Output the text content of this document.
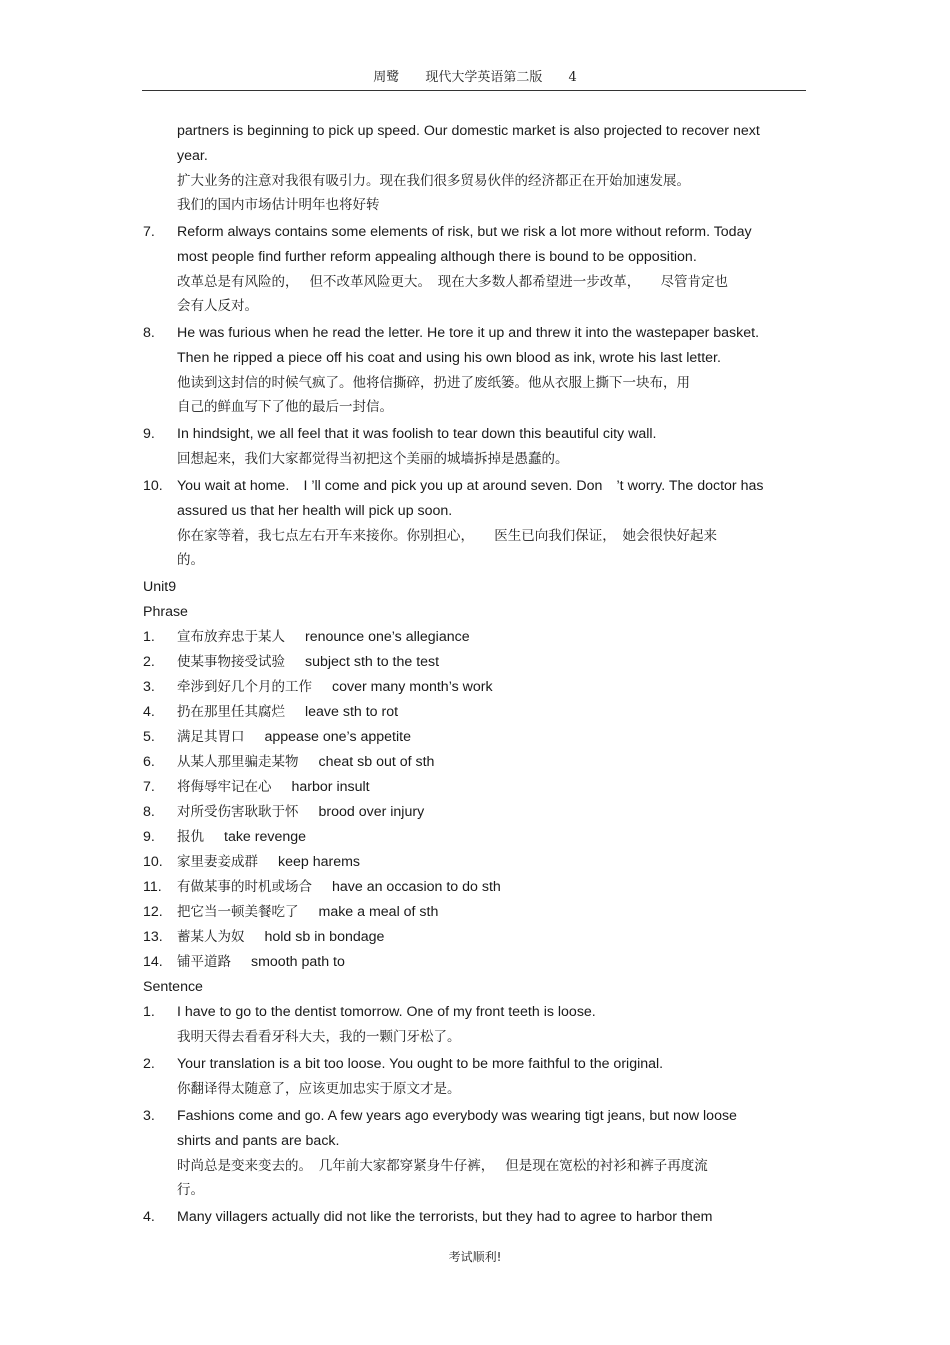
周鹭 现代大学英语第二版 4
partners is beginning to pick up speed. Our domestic market is also projected to recover next
year.
扩大业务的注意对我很有吸引力。现在我们很多贸易伙伴的经济都正在开始加速发展。
我们的国内市场估计明年也将好转
7.	Reform always contains some elements of risk, but we risk a lot more without reform. Today
most people find further reform appealing although there is bound to be opposition.
改革总是有风险的，　 但不改革风险更大。　现在大多数人都希望进一步改革，　　尽管肯定也
会有人反对。
8.	He was furious when he read the letter. He tore it up and threw it into the wastepaper basket.
Then he ripped a piece off his coat and using his own blood as ink, wrote his last letter.
他读到这封信的时候气疯了。他将信撕碎，扔进了废纸篓。他从衣服上撕下一块布，用
自己的鲜血写下了他的最后一封信。
9.	In hindsight, we all feel that it was foolish to tear down this beautiful city wall.
回想起来，我们大家都觉得当初把这个美丽的城墙拆掉是愚蠢的。
10.	You wait at home.　I ’ll come and pick you up at around seven. Don　’t worry. The doctor has
assured us that her health will pick up soon.
你在家等着，我七点左右开车来接你。你别担心，　　医生已向我们保证，　她会很快好起来
的。
Unit9
Phrase
1.	宣布放弃忠于某人 renounce one’s allegiance
2.	使某事物接受试验 subject sth to the test
3.	牵涉到好几个月的工作 cover many month’s work
4.	扔在那里任其腐烂 leave sth to rot
5.	满足其胃口 appease one’s appetite
6.	从某人那里骗走某物 cheat sb out of sth
7.	将侮辱牢记在心 harbor insult
8.	对所受伤害耿耿于怀 brood over injury
9.	报仇 take revenge
10.	家里妻妾成群 keep harems
11.	有做某事的时机或场合 have an occasion to do sth
12.	把它当一顿美餐吃了 make a meal of sth
13.	蓄某人为奴 hold sb in bondage
14.	铺平道路 smooth path to
Sentence
1.	I have to go to the dentist tomorrow. One of my front teeth is loose.
我明天得去看看牙科大夫，我的一颗门牙松了。
2.	Your translation is a bit too loose. You ought to be more faithful to the original.
你翻译得太随意了，应该更加忠实于原文才是。
3.	Fashions come and go. A few years ago everybody was wearing tigt jeans, but now loose
shirts and pants are back.
时尚总是变来变去的。　几年前大家都穿紧身牛仔裤，　 但是现在宽松的衬衫和裤子再度流
行。
4.	Many villagers actually did not like the terrorists, but they had to agree to harbor them
考试顺利!
